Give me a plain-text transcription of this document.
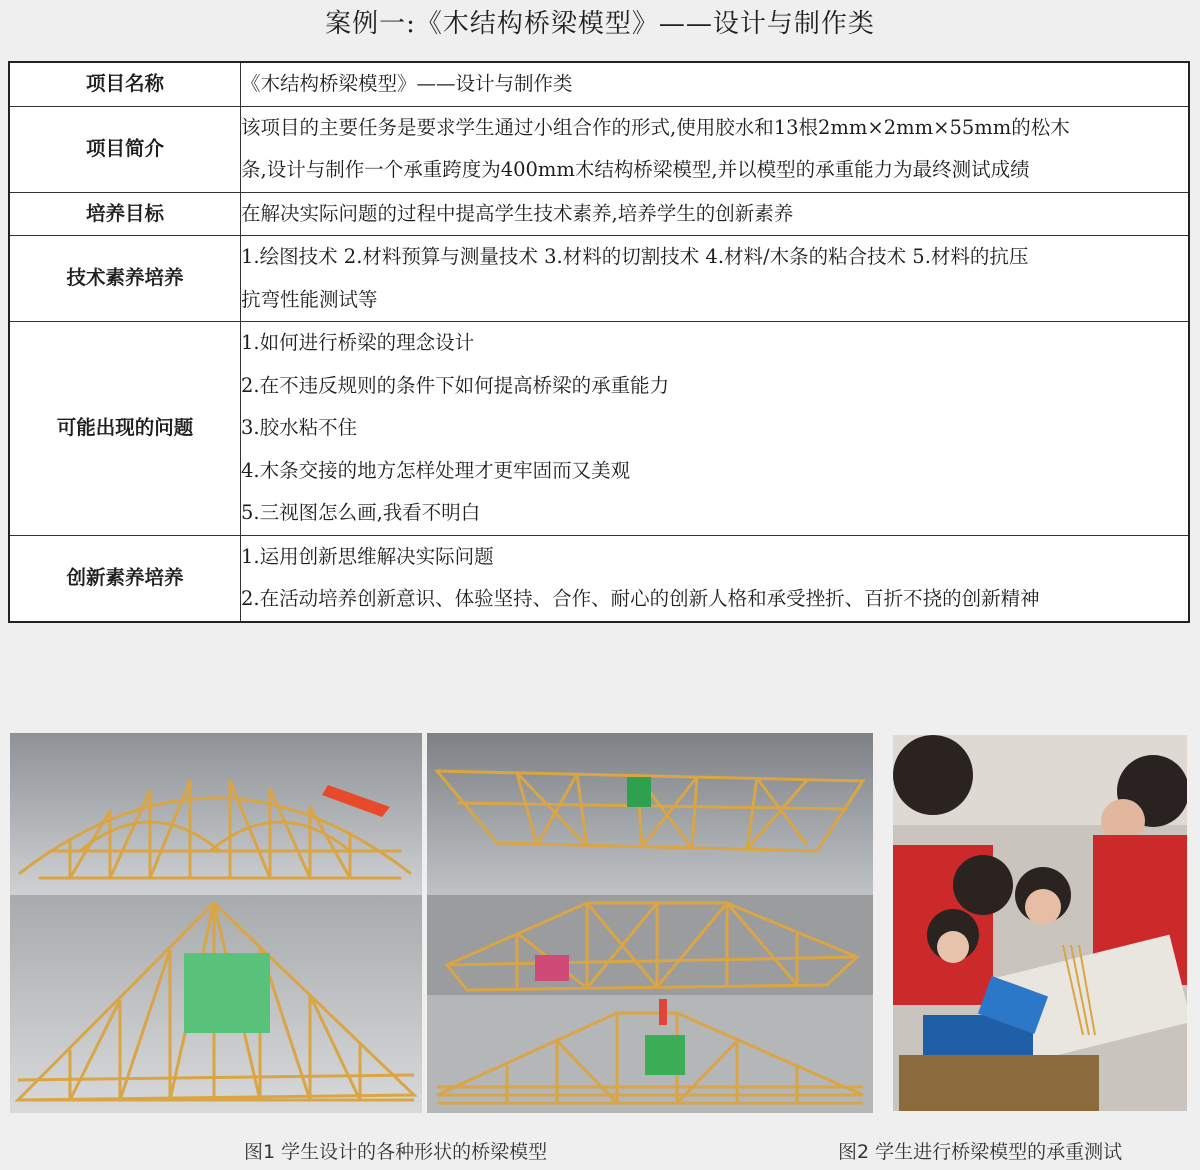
案例一:《木结构桥梁模型》——设计与制作类
项目名称	《木结构桥梁模型》——设计与制作类

项目简介	该项目的主要任务是要求学生通过小组合作的形式,使用胶水和13根2mm×2mm×55mm的松木
条,设计与制作一个承重跨度为400mm木结构桥梁模型,并以模型的承重能力为最终测试成绩

培养目标	在解决实际问题的过程中提高学生技术素养,培养学生的创新素养

技术素养培养	1.绘图技术 2.材料预算与测量技术 3.材料的切割技术 4.材料/木条的粘合技术 5.材料的抗压
抗弯性能测试等

可能出现的问题	1.如何进行桥梁的理念设计
2.在不违反规则的条件下如何提高桥梁的承重能力
3.胶水粘不住
4.木条交接的地方怎样处理才更牢固而又美观
5.三视图怎么画,我看不明白

创新素养培养	1.运用创新思维解决实际问题
2.在活动培养创新意识、体验坚持、合作、耐心的创新人格和承受挫折、百折不挠的创新精神
图1 学生设计的各种形状的桥梁模型	图2 学生进行桥梁模型的承重测试
